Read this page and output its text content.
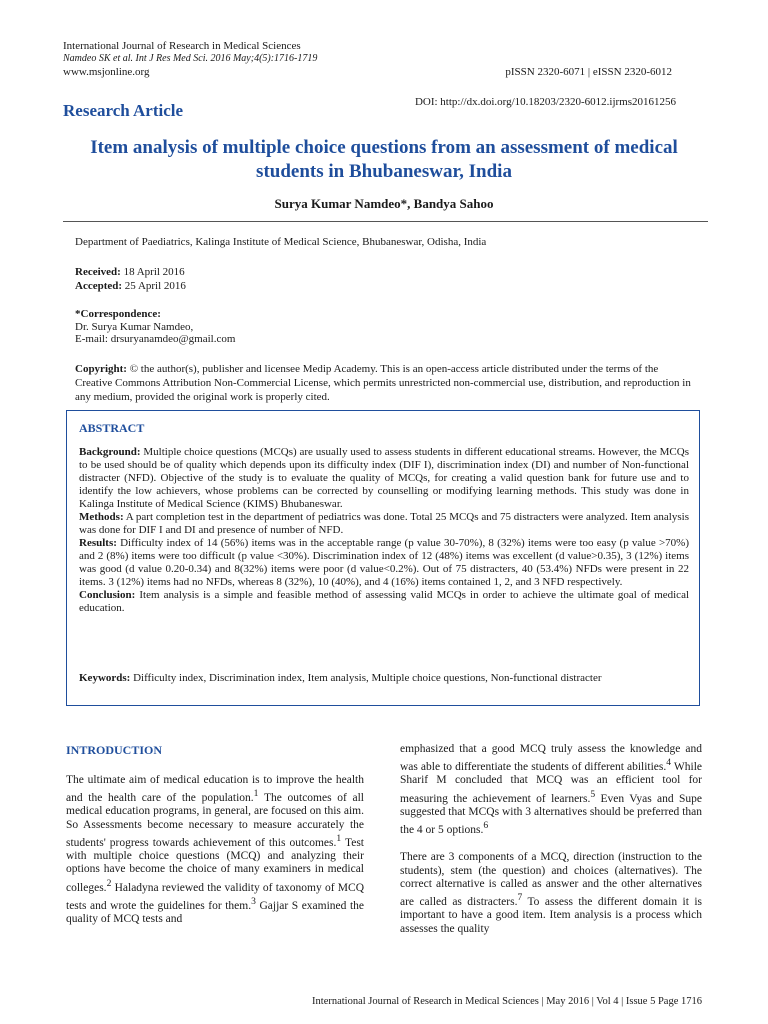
International Journal of Research in Medical Sciences
Namdeo SK et al. Int J Res Med Sci. 2016 May;4(5):1716-1719
www.msjonline.org	pISSN 2320-6071 | eISSN 2320-6012
DOI: http://dx.doi.org/10.18203/2320-6012.ijrms20161256
Research Article
Item analysis of multiple choice questions from an assessment of medical students in Bhubaneswar, India
Surya Kumar Namdeo*, Bandya Sahoo
Department of Paediatrics, Kalinga Institute of Medical Science, Bhubaneswar, Odisha, India
Received: 18 April 2016
Accepted: 25 April 2016
*Correspondence:
Dr. Surya Kumar Namdeo,
E-mail: drsuryanamdeo@gmail.com
Copyright: © the author(s), publisher and licensee Medip Academy. This is an open-access article distributed under the terms of the Creative Commons Attribution Non-Commercial License, which permits unrestricted non-commercial use, distribution, and reproduction in any medium, provided the original work is properly cited.
ABSTRACT

Background: Multiple choice questions (MCQs) are usually used to assess students in different educational streams. However, the MCQs to be used should be of quality which depends upon its difficulty index (DIF I), discrimination index (DI) and number of Non-functional distracter (NFD). Objective of the study is to evaluate the quality of MCQs, for creating a valid question bank for future use and to identify the low achievers, whose problems can be corrected by counselling or modifying learning methods. This study was done in Kalinga Institute of Medical Science (KIMS) Bhubaneswar.

Methods: A part completion test in the department of pediatrics was done. Total 25 MCQs and 75 distracters were analyzed. Item analysis was done for DIF I and DI and presence of number of NFD.

Results: Difficulty index of 14 (56%) items was in the acceptable range (p value 30-70%), 8 (32%) items were too easy (p value >70%) and 2 (8%) items were too difficult (p value <30%). Discrimination index of 12 (48%) items was excellent (d value>0.35), 3 (12%) items was good (d value 0.20-0.34) and 8(32%) items were poor (d value<0.2%). Out of 75 distracters, 40 (53.4%) NFDs were present in 22 items. 3 (12%) items had no NFDs, whereas 8 (32%), 10 (40%), and 4 (16%) items contained 1, 2, and 3 NFD respectively.

Conclusion: Item analysis is a simple and feasible method of assessing valid MCQs in order to achieve the ultimate goal of medical education.

Keywords: Difficulty index, Discrimination index, Item analysis, Multiple choice questions, Non-functional distracter
INTRODUCTION

The ultimate aim of medical education is to improve the health and the health care of the population.$^1$ The outcomes of all medical education programs, in general, are focused on this aim. So Assessments become necessary to measure accurately the students' progress towards achievement of this outcomes.$^1$ Test with multiple choice questions (MCQ) and analyzing their options have become the choice of many examiners in medical colleges.$^2$ Haladyna reviewed the validity of taxonomy of MCQ tests and wrote the guidelines for them.$^3$ Gajjar S examined the quality of MCQ tests and

emphasized that a good MCQ truly assess the knowledge and was able to differentiate the students of different abilities.$^4$ While Sharif M concluded that MCQ was an efficient tool for measuring the achievement of learners.$^5$ Even Vyas and Supe suggested that MCQs with 3 alternatives should be preferred than the 4 or 5 options.$^6$

There are 3 components of a MCQ, direction (instruction to the students), stem (the question) and choices (alternatives). The correct alternative is called as answer and the other alternatives are called as distracters.$^7$ To assess the different domain it is important to have a good item. Item analysis is a process which assesses the quality

International Journal of Research in Medical Sciences | May 2016 | Vol 4 | Issue 5 Page 1716
